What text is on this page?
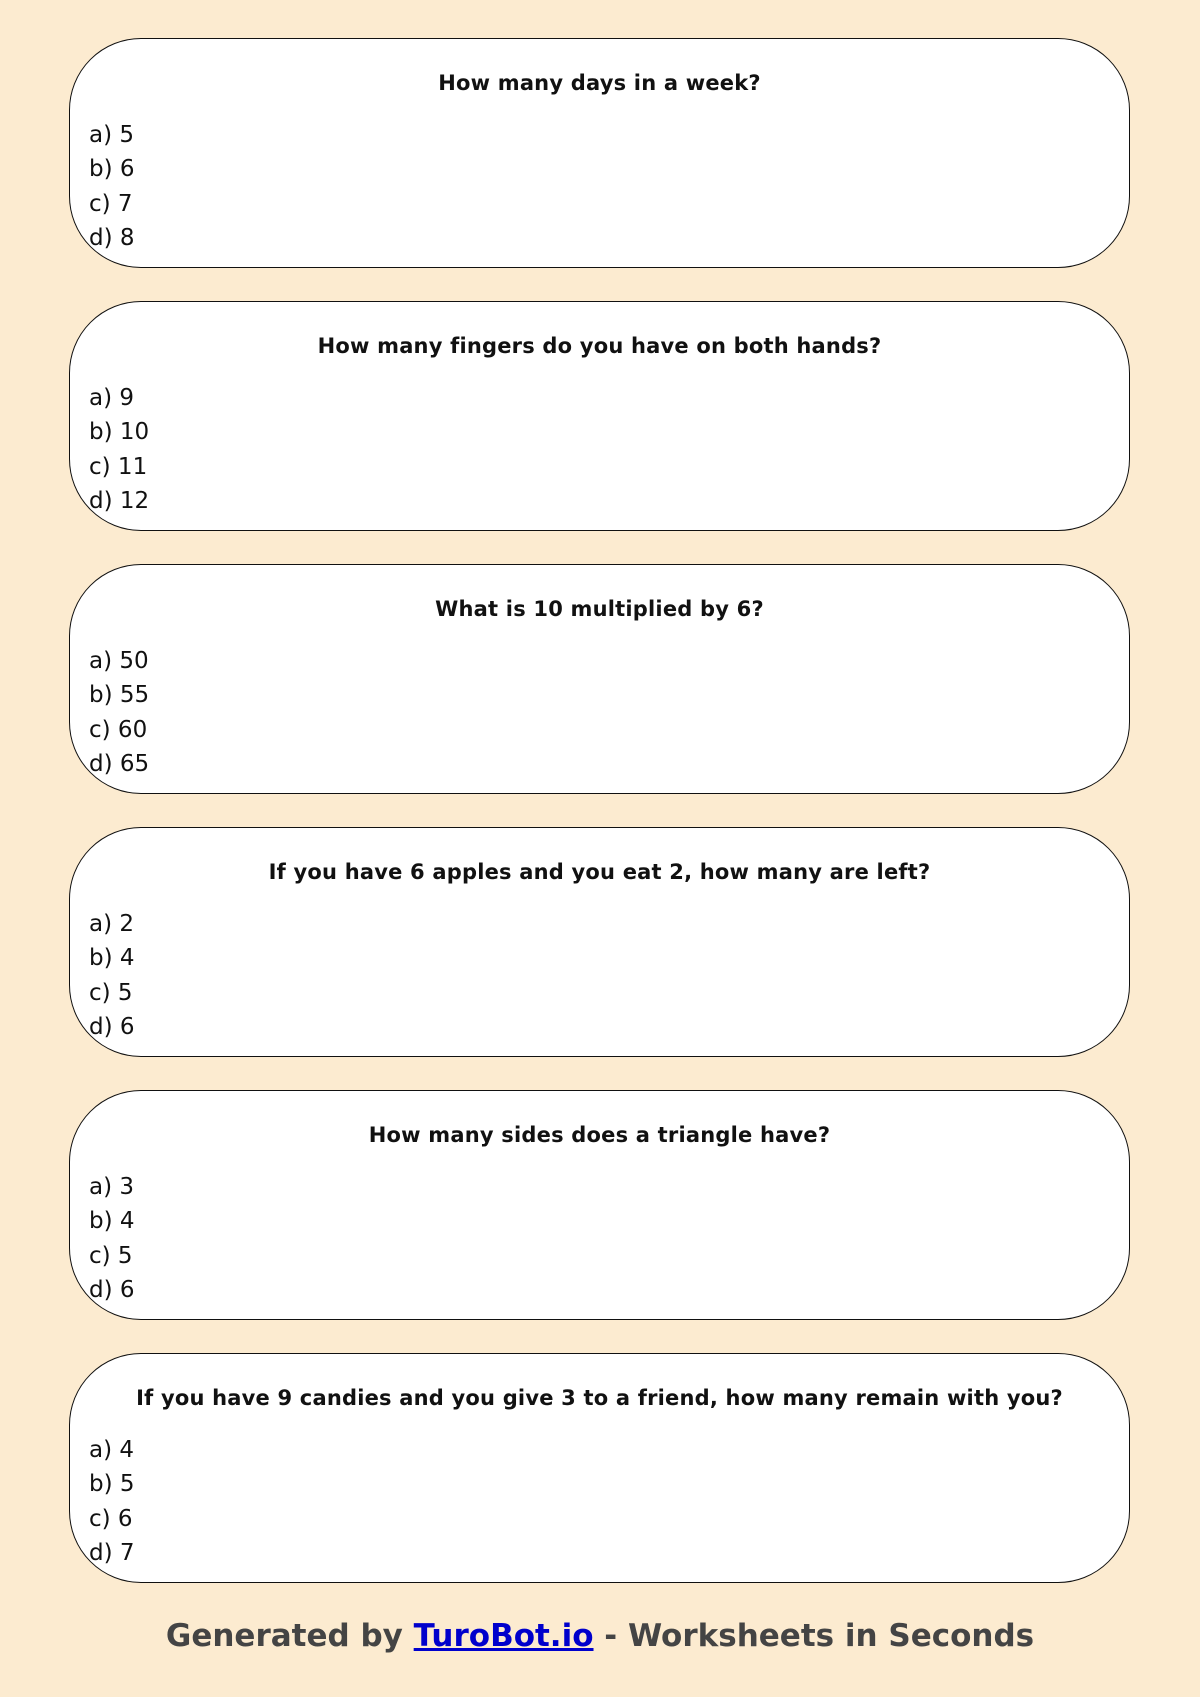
How many days in a week?

a) 5
b) 6
c) 7
d) 8

How many fingers do you have on both hands?

a) 9
b) 10
c) 11
d) 12

What is 10 multiplied by 6?

a) 50
b) 55
c) 60
d) 65

If you have 6 apples and you eat 2, how many are left?

a) 2
b) 4
c) 5
d) 6

How many sides does a triangle have?

a) 3
b) 4
c) 5
d) 6

If you have 9 candies and you give 3 to a friend, how many remain with you?

a) 4
b) 5
c) 6
d) 7
Generated by TuroBot.io - Worksheets in Seconds
